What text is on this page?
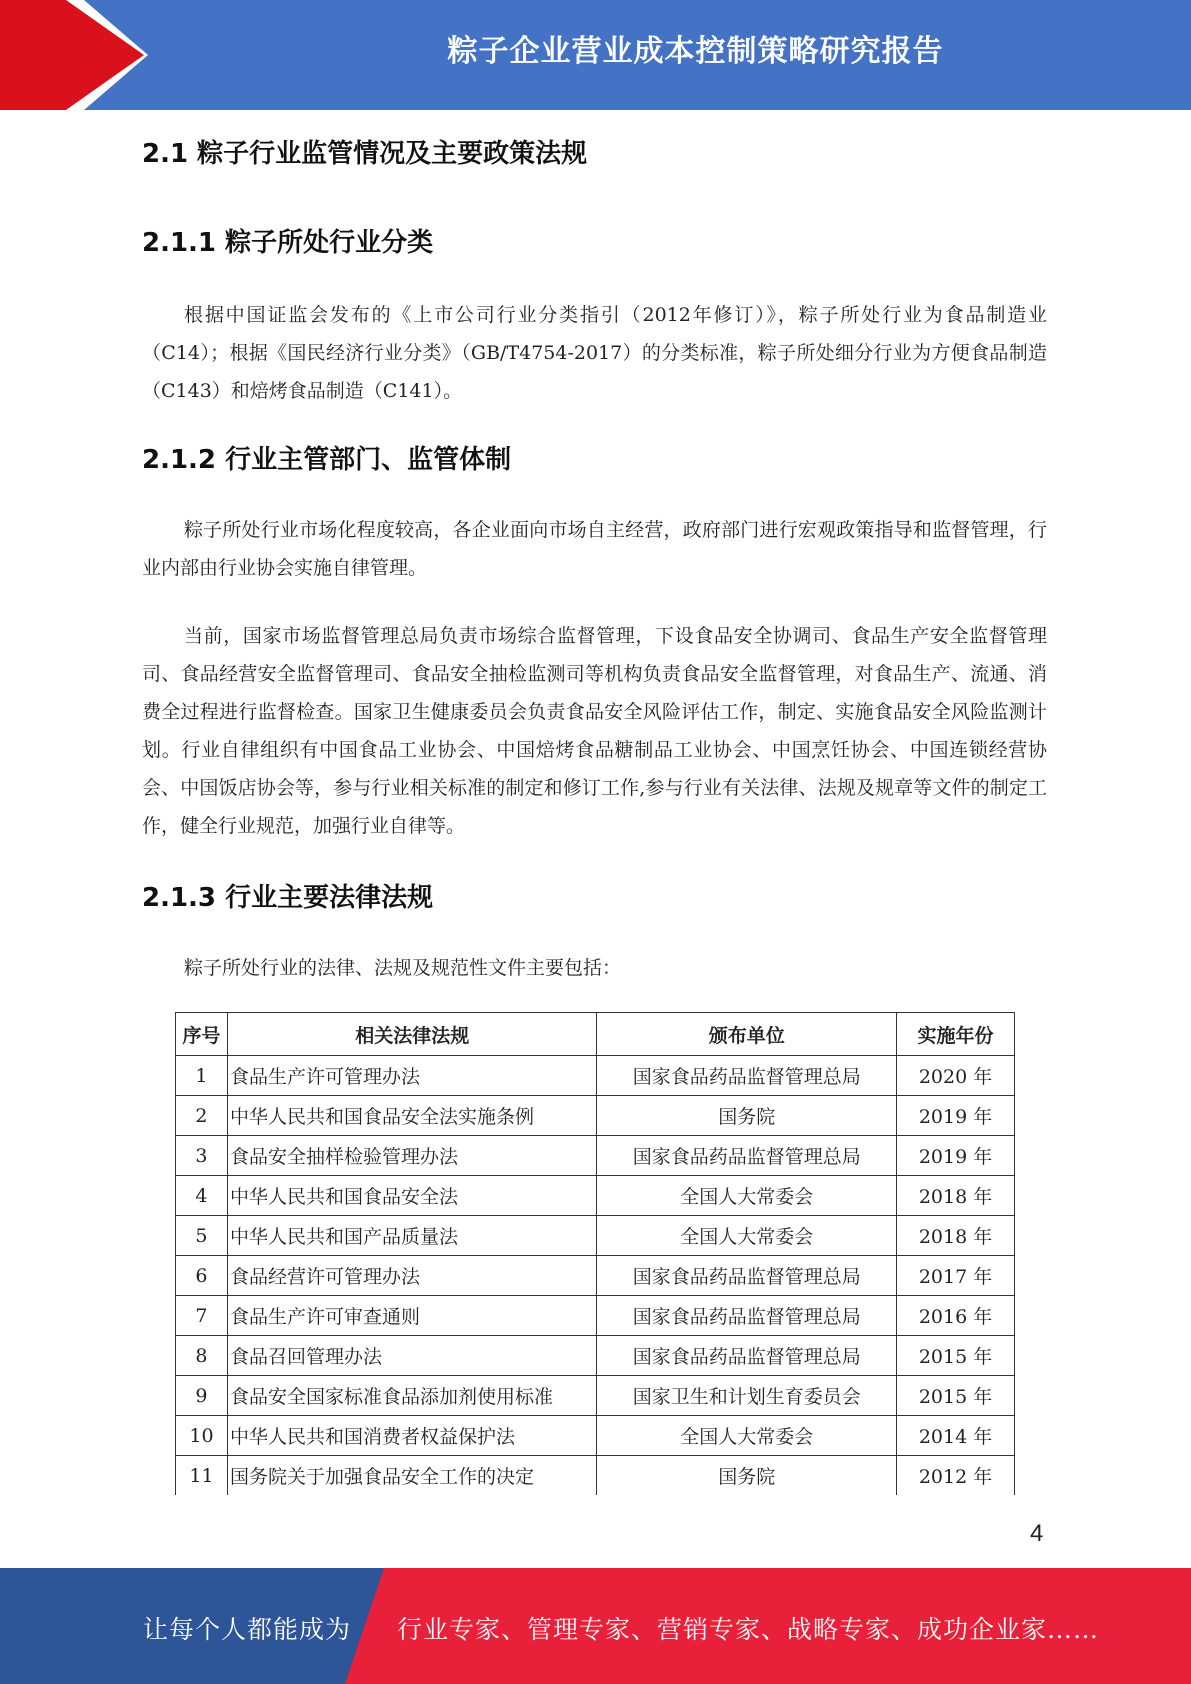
粽子企业营业成本控制策略研究报告
2.1 粽子行业监管情况及主要政策法规
2.1.1 粽子所处行业分类

根据中国证监会发布的《上市公司行业分类指引（2012年修订）》，粽子所处行业为食品制造业（C14）；根据《国民经济行业分类》（GB/T4754-2017）的分类标准，粽子所处细分行业为方便食品制造（C143）和焙烤食品制造（C141）。

2.1.2 行业主管部门、监管体制

粽子所处行业市场化程度较高，各企业面向市场自主经营，政府部门进行宏观政策指导和监督管理，行业内部由行业协会实施自律管理。

当前，国家市场监督管理总局负责市场综合监督管理，下设食品安全协调司、食品生产安全监督管理司、食品经营安全监督管理司、食品安全抽检监测司等机构负责食品安全监督管理，对食品生产、流通、消费全过程进行监督检查。国家卫生健康委员会负责食品安全风险评估工作，制定、实施食品安全风险监测计划。行业自律组织有中国食品工业协会、中国焙烤食品糖制品工业协会、中国烹饪协会、中国连锁经营协会、中国饭店协会等，参与行业相关标准的制定和修订工作,参与行业有关法律、法规及规章等文件的制定工作，健全行业规范，加强行业自律等。

2.1.3 行业主要法律法规

粽子所处行业的法律、法规及规范性文件主要包括：

序号	相关法律法规	颁布单位	实施年份
1	食品生产许可管理办法	国家食品药品监督管理总局	2020 年
2	中华人民共和国食品安全法实施条例	国务院	2019 年
3	食品安全抽样检验管理办法	国家食品药品监督管理总局	2019 年
4	中华人民共和国食品安全法	全国人大常委会	2018 年
5	中华人民共和国产品质量法	全国人大常委会	2018 年
6	食品经营许可管理办法	国家食品药品监督管理总局	2017 年
7	食品生产许可审查通则	国家食品药品监督管理总局	2016 年
8	食品召回管理办法	国家食品药品监督管理总局	2015 年
9	食品安全国家标准食品添加剂使用标准	国家卫生和计划生育委员会	2015 年
10	中华人民共和国消费者权益保护法	全国人大常委会	2014 年
11	国务院关于加强食品安全工作的决定	国务院	2012 年
4
让每个人都能成为 行业专家、管理专家、营销专家、战略专家、成功企业家……
